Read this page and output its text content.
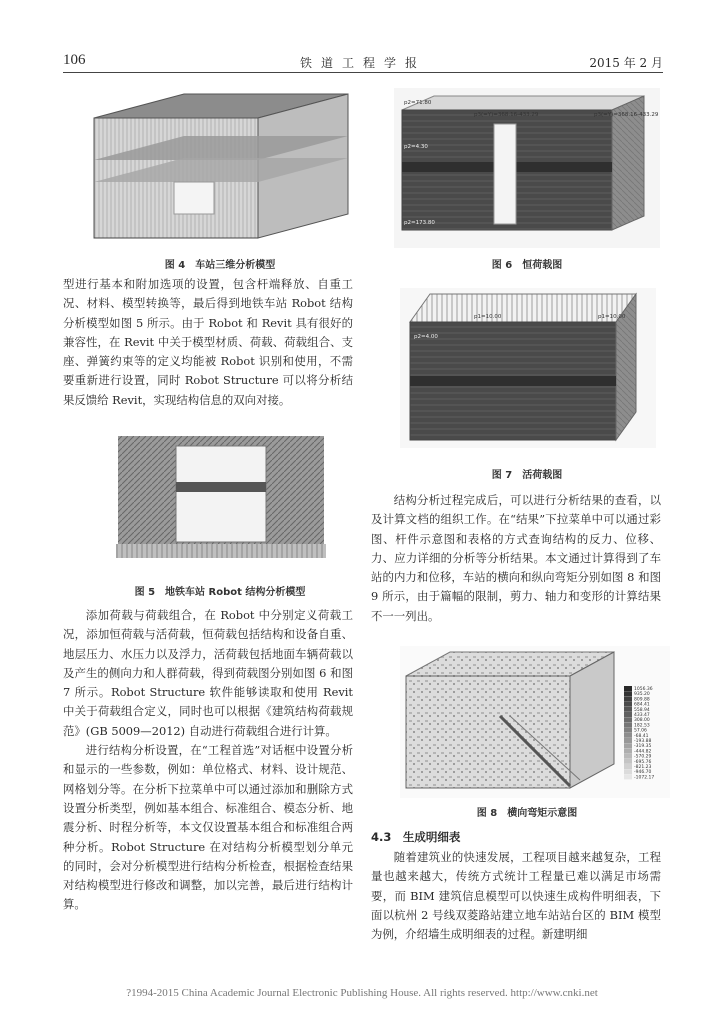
106	铁道工程学报	2015 年 2 月
图 4　车站三维分析模型

型进行基本和附加选项的设置，包含杆端释放、自重工况、材料、模型转换等，最后得到地铁车站 Robot 结构分析模型如图 5 所示。由于 Robot 和 Revit 具有很好的兼容性，在 Revit 中关于模型材质、荷载、荷载组合、支座、弹簧约束等的定义均能被 Robot 识别和使用，不需要重新进行设置，同时 Robot Structure 可以将分析结果反馈给 Revit，实现结构信息的双向对接。

图 5　地铁车站 Robot 结构分析模型

添加荷载与荷载组合，在 Robot 中分别定义荷载工况，添加恒荷载与活荷载，恒荷载包括结构和设备自重、地层压力、水压力以及浮力，活荷载包括地面车辆荷载以及产生的侧向力和人群荷载，得到荷载图分别如图 6 和图 7 所示。Robot Structure 软件能够读取和使用 Revit 中关于荷载组合定义，同时也可以根据《建筑结构荷载规范》(GB 5009—2012) 自动进行荷载组合进行计算。

进行结构分析设置，在“工程首选”对话框中设置分析和显示的一些参数，例如：单位格式、材料、设计规范、网格划分等。在分析下拉菜单中可以通过添加和删除方式设置分析类型，例如基本组合、标准组合、模态分析、地震分析、时程分析等，本文仅设置基本组合和标准组合两种分析。Robot Structure 在对结构分析模型划分单元的同时，会对分析模型进行结构分析检查，根据检查结果对结构模型进行修改和调整，加以完善，最后进行结构计算。

p2=71.80
p3(=Y)=368.16-433.29	p3(=Y)=368.16-433.29
p2=4.30
p2=173.80
图 6　恒荷载图
p1=10.00	p1=10.00
p2=4.00
图 7　活荷载图

结构分析过程完成后，可以进行分析结果的查看，以及计算文档的组织工作。在“结果”下拉菜单中可以通过彩图、杆件示意图和表格的方式查询结构的反力、位移、力、应力详细的分析等分析结果。本文通过计算得到了车站的内力和位移，车站的横向和纵向弯矩分别如图 8 和图 9 所示，由于篇幅的限制，剪力、轴力和变形的计算结果不一一列出。

1056.36
935.20
809.88
684.41
558.94
433.47
308.00
182.53
57.06
-68.41
-193.88
-319.35
-444.82
-570.29
-695.76
-821.23
-946.70
-1072.17
图 8　横向弯矩示意图
4.3　生成明细表

随着建筑业的快速发展，工程项目越来越复杂，工程量也越来越大，传统方式统计工程量已难以满足市场需要，而 BIM 建筑信息模型可以快速生成构件明细表，下面以杭州 2 号线双菱路站建立地车站站台区的 BIM 模型为例，介绍墙生成明细表的过程。新建明细

?1994-2015 China Academic Journal Electronic Publishing House. All rights reserved. http://www.cnki.net
